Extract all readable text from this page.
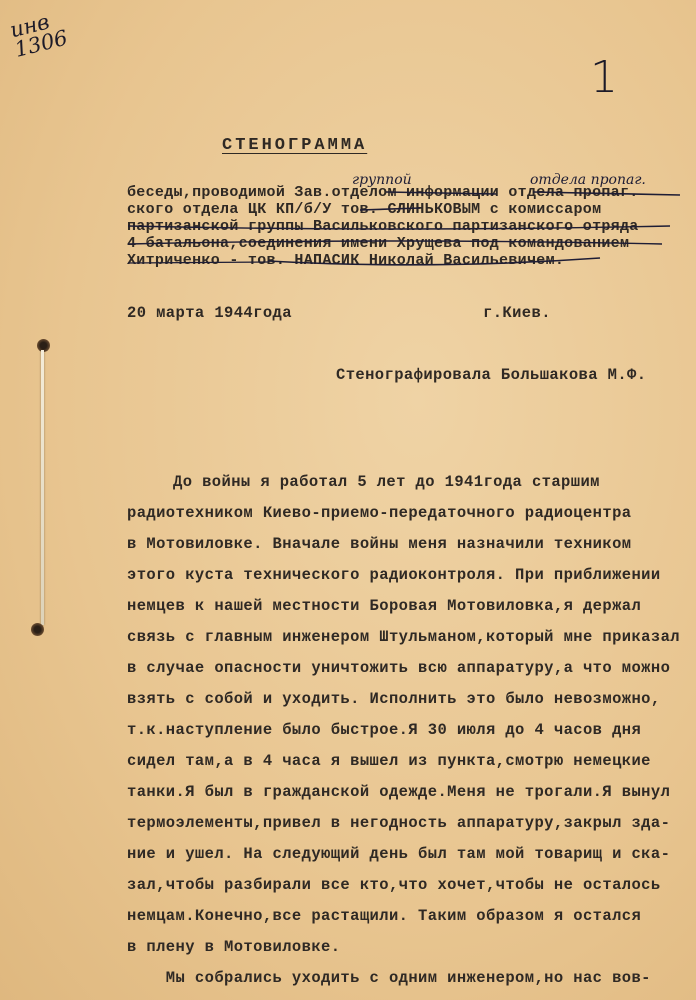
инв
1306
1
СТЕНОГРАММА
беседы,проводимой Зав.отделом информации отдела пропаг.
ского отдела ЦК КП/б/У тов. СЛИНЬКОВЫМ с комиссаром
партизанской группы Васильковского партизанского отряда
4 батальона,соединения имени Хрущева под командованием
Хитриченко - тов. НАПАСИК Николай Васильевичем.
группой	отдела пропаг.
20 марта 1944года	г.Киев.
Стенографировала Большакова М.Ф.
До войны я работал 5 лет до 1941года старшим
радиотехником Киево-приемо-передаточного радиоцентра
в Мотовиловке. Вначале войны меня назначили техником
этого куста технического радиоконтроля. При приближении
немцев к нашей местности Боровая Мотовиловка,я держал
связь с главным инженером Штульманом,который мне приказал
в случае опасности уничтожить всю аппаратуру,а что можно
взять с собой и уходить. Исполнить это было невозможно,
т.к.наступление было быстрое.Я 30 июля до 4 часов дня
сидел там,а в 4 часа я вышел из пункта,смотрю немецкие
танки.Я был в гражданской одежде.Меня не трогали.Я вынул
термоэлементы,привел в негодность аппаратуру,закрыл зда-
ние и ушел. На следующий день был там мой товарищ и ска-
зал,чтобы разбирали все кто,что хочет,чтобы не осталось
немцам.Конечно,все растащили. Таким образом я остался
в плену в Мотовиловке.
Мы собрались уходить с одним инженером,но нас вов-
